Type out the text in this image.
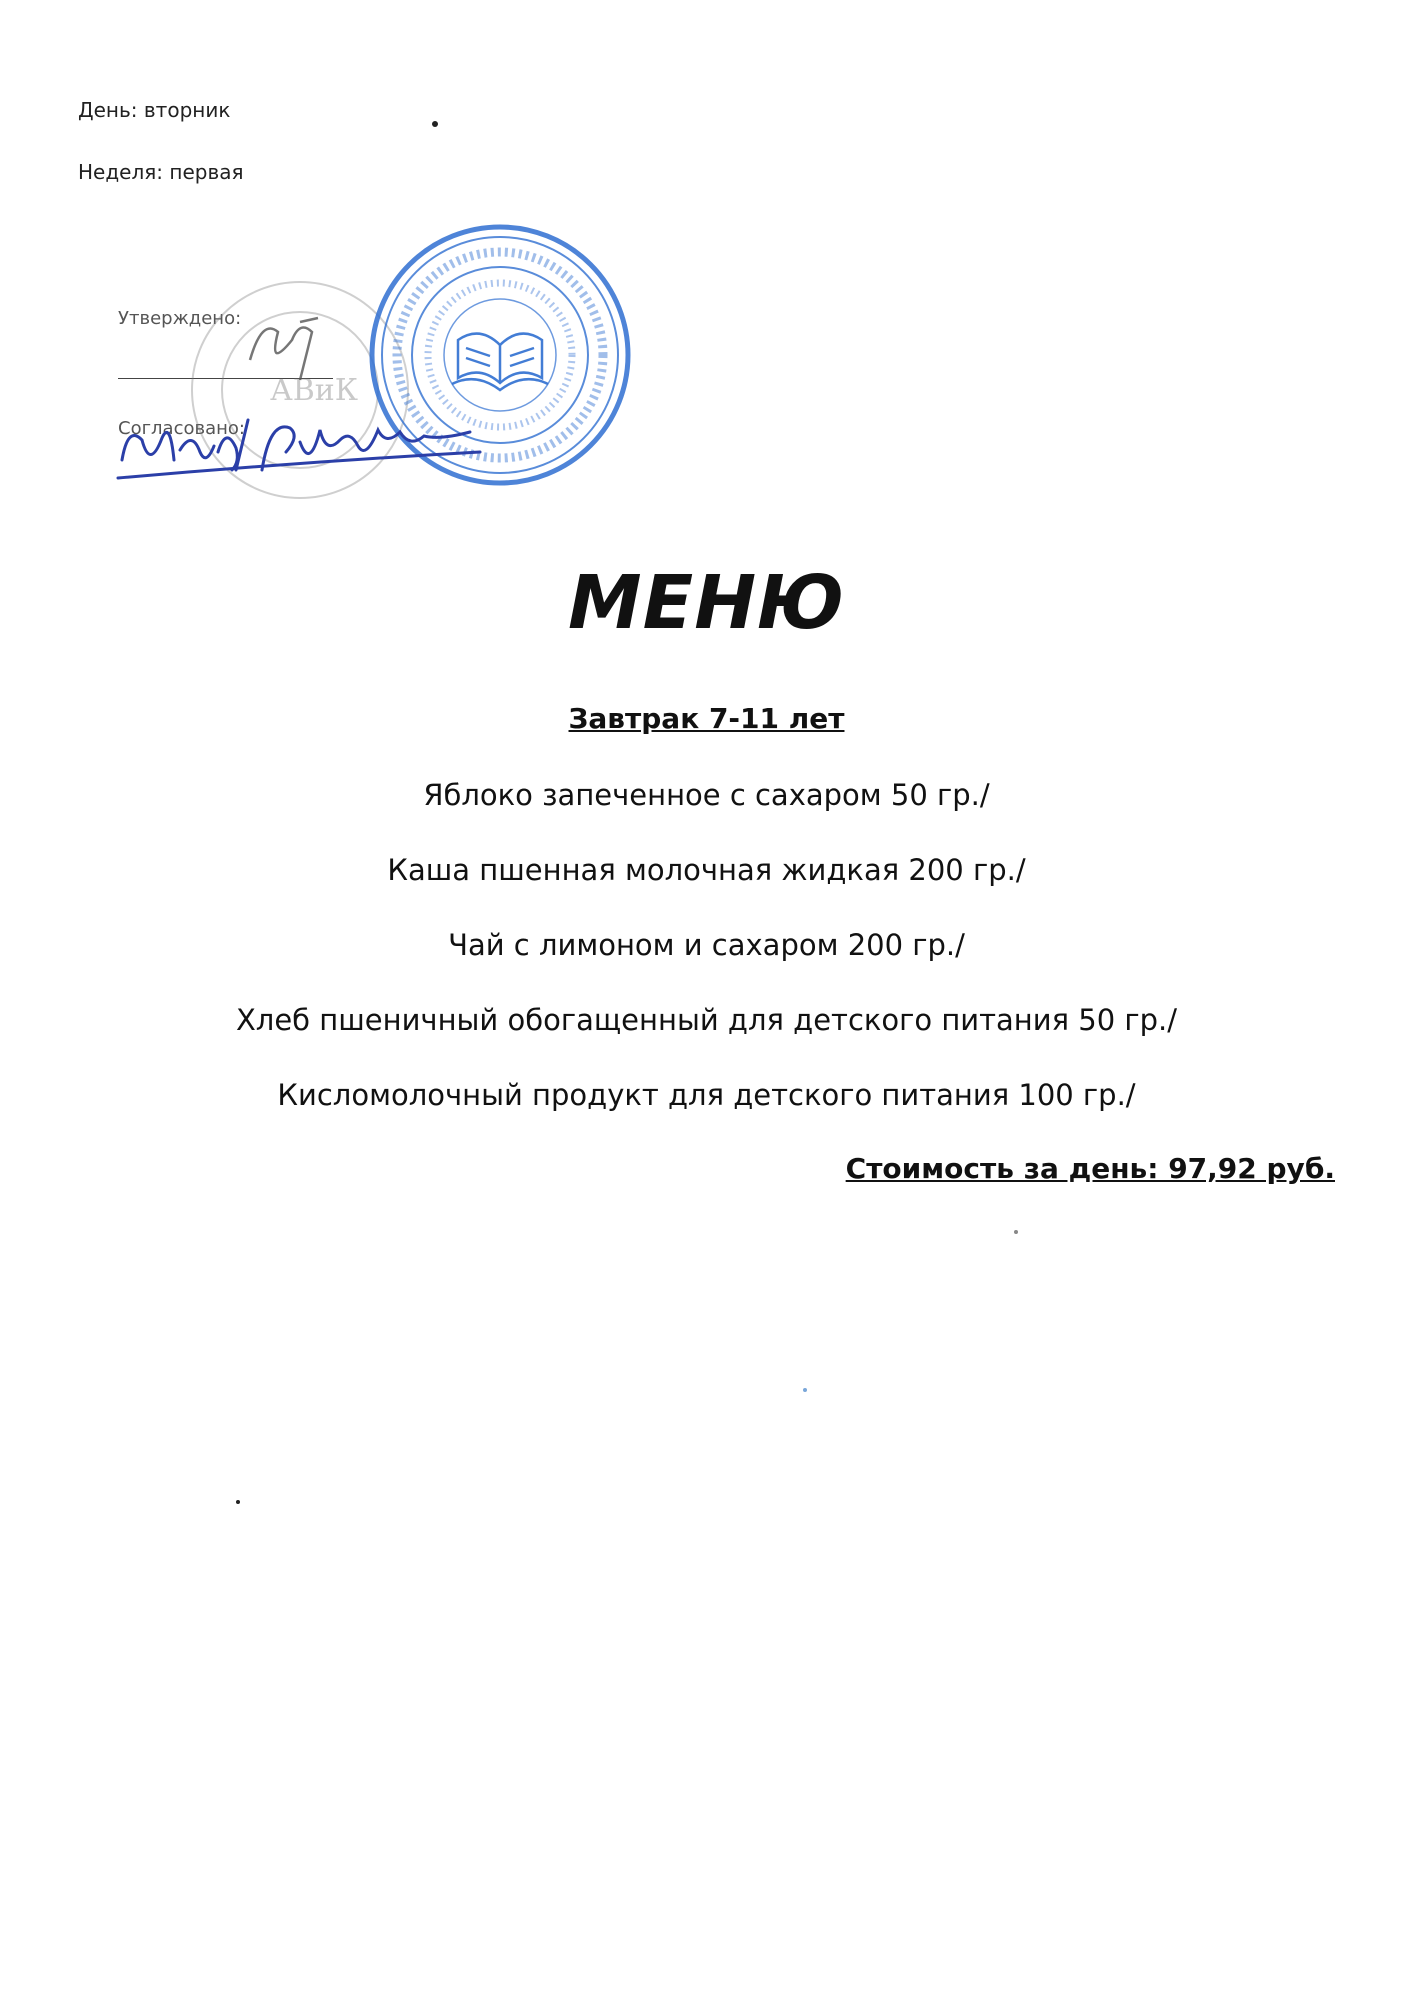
День: вторник
Неделя: первая
Утверждено:
Согласовано:
АВиК
МЕНЮ
Завтрак 7-11 лет
Яблоко запеченное с сахаром 50 гр./
Каша пшенная молочная жидкая 200 гр./
Чай с лимоном и сахаром 200 гр./
Хлеб пшеничный обогащенный для детского питания 50 гр./
Кисломолочный продукт для детского питания 100 гр./
Стоимость за день: 97,92 руб.
